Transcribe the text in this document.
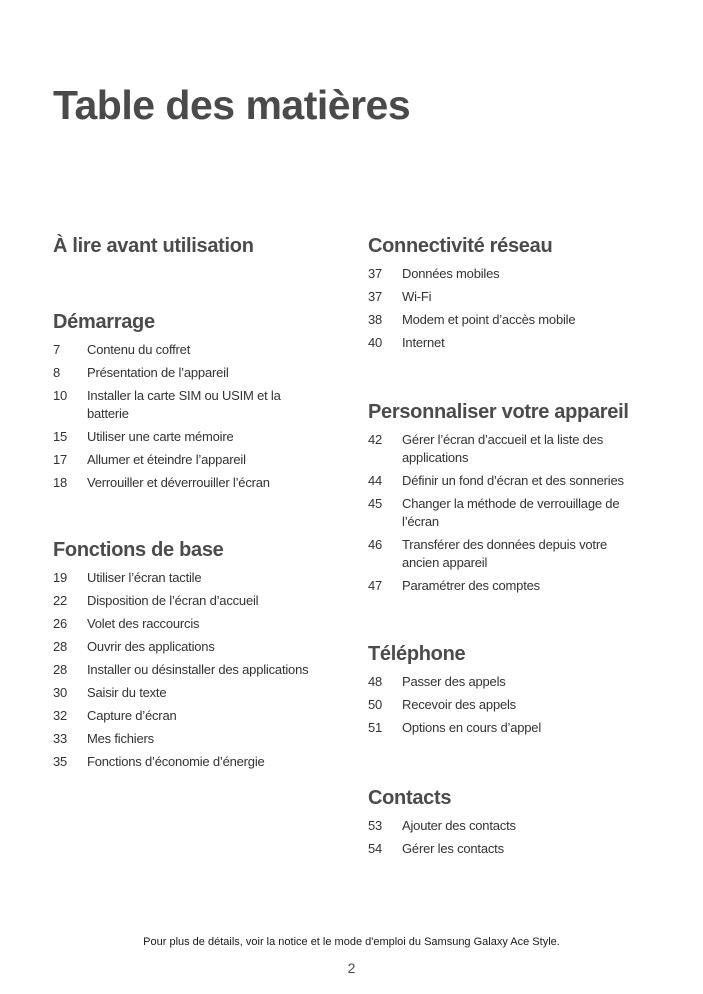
Table des matières
À lire avant utilisation
Démarrage
7	Contenu du coffret
8	Présentation de l’appareil
10	Installer la carte SIM ou USIM et la batterie
15	Utiliser une carte mémoire
17	Allumer et éteindre l’appareil
18	Verrouiller et déverrouiller l’écran
Fonctions de base
19	Utiliser l’écran tactile
22	Disposition de l’écran d’accueil
26	Volet des raccourcis
28	Ouvrir des applications
28	Installer ou désinstaller des applications
30	Saisir du texte
32	Capture d’écran
33	Mes fichiers
35	Fonctions d’économie d’énergie
Connectivité réseau
37	Données mobiles
37	Wi-Fi
38	Modem et point d’accès mobile
40	Internet
Personnaliser votre appareil
42	Gérer l’écran d’accueil et la liste des applications
44	Définir un fond d’écran et des sonneries
45	Changer la méthode de verrouillage de l’écran
46	Transférer des données depuis votre ancien appareil
47	Paramétrer des comptes
Téléphone
48	Passer des appels
50	Recevoir des appels
51	Options en cours d’appel
Contacts
53	Ajouter des contacts
54	Gérer les contacts

Pour plus de détails, voir la notice et le mode d'emploi du Samsung Galaxy Ace Style.

2
